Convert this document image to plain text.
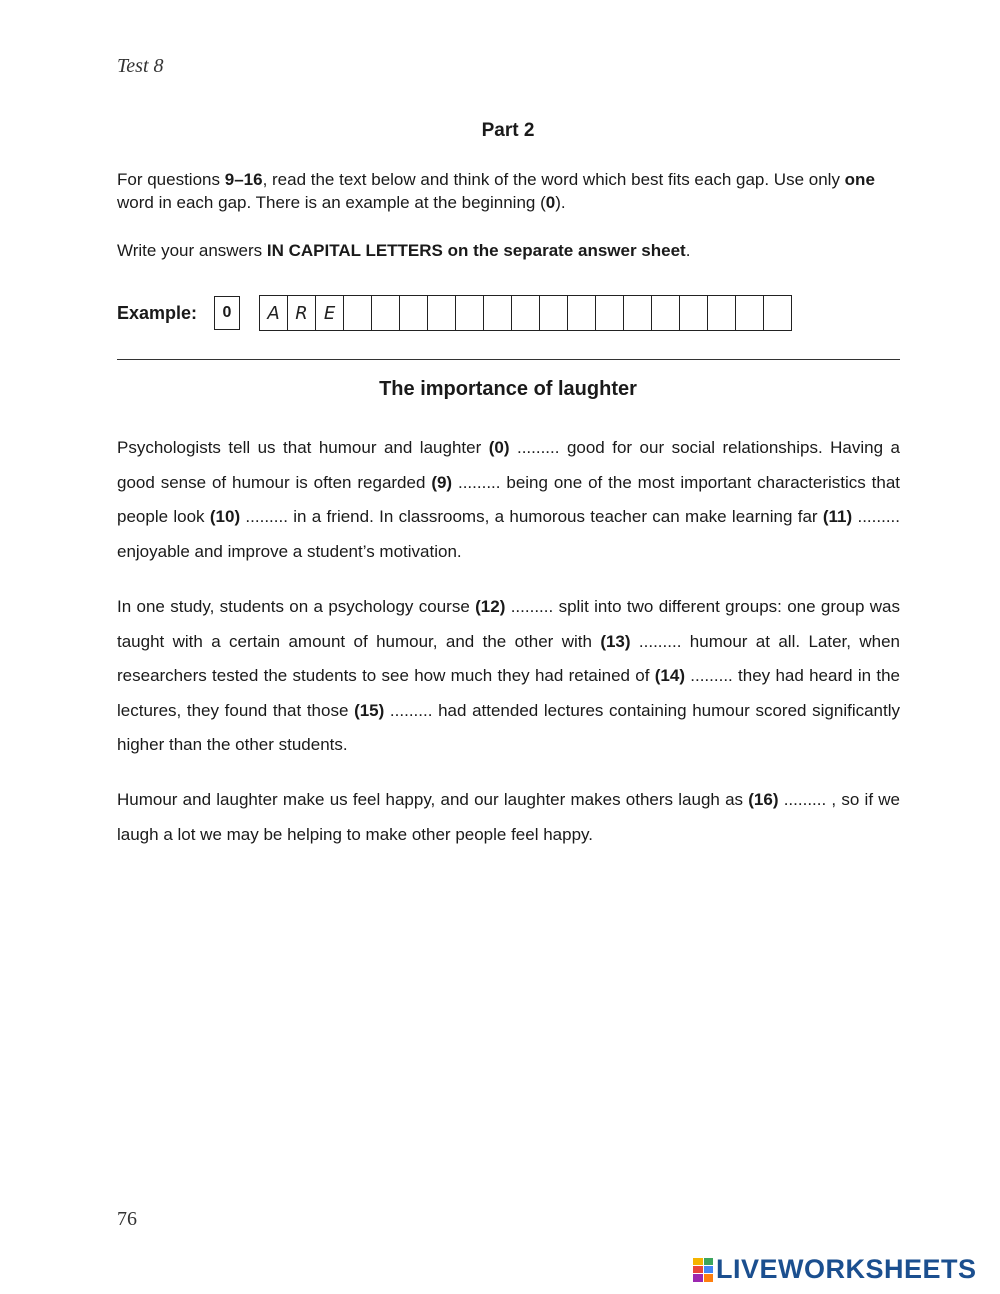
Test 8
Part 2
For questions 9–16, read the text below and think of the word which best fits each gap. Use only one word in each gap. There is an example at the beginning (0).
Write your answers IN CAPITAL LETTERS on the separate answer sheet.
Example:	0	A R E
The importance of laughter

Psychologists tell us that humour and laughter (0) ......... good for our social relationships. Having a good sense of humour is often regarded (9) ......... being one of the most important characteristics that people look (10) ......... in a friend. In classrooms, a humorous teacher can make learning far (11) ......... enjoyable and improve a student’s motivation.

In one study, students on a psychology course (12) ......... split into two different groups: one group was taught with a certain amount of humour, and the other with (13) ......... humour at all. Later, when researchers tested the students to see how much they had retained of (14) ......... they had heard in the lectures, they found that those (15) ......... had attended lectures containing humour scored significantly higher than the other students.

Humour and laughter make us feel happy, and our laughter makes others laugh as (16) ......... , so if we laugh a lot we may be helping to make other people feel happy.

76
LIVEWORKSHEETS
